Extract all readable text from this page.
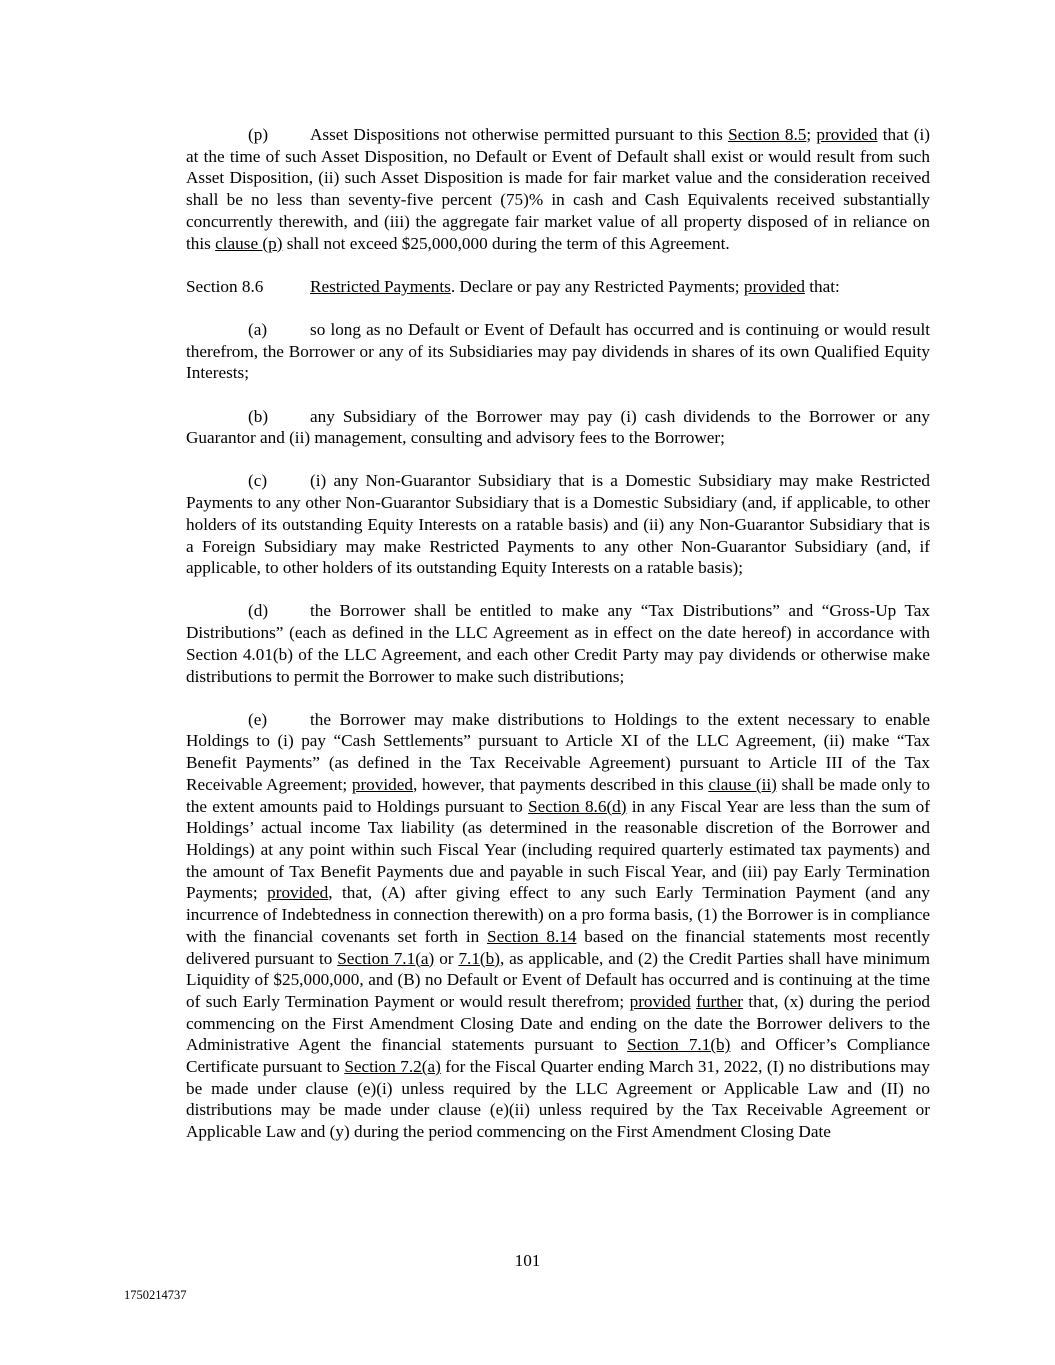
(p) Asset Dispositions not otherwise permitted pursuant to this Section 8.5; provided that (i) at the time of such Asset Disposition, no Default or Event of Default shall exist or would result from such Asset Disposition, (ii) such Asset Disposition is made for fair market value and the consideration received shall be no less than seventy-five percent (75)% in cash and Cash Equivalents received substantially concurrently therewith, and (iii) the aggregate fair market value of all property disposed of in reliance on this clause (p) shall not exceed $25,000,000 during the term of this Agreement.

Section 8.6	Restricted Payments. Declare or pay any Restricted Payments; provided that:

(a) so long as no Default or Event of Default has occurred and is continuing or would result therefrom, the Borrower or any of its Subsidiaries may pay dividends in shares of its own Qualified Equity Interests;

(b) any Subsidiary of the Borrower may pay (i) cash dividends to the Borrower or any Guarantor and (ii) management, consulting and advisory fees to the Borrower;

(c) (i) any Non-Guarantor Subsidiary that is a Domestic Subsidiary may make Restricted Payments to any other Non-Guarantor Subsidiary that is a Domestic Subsidiary (and, if applicable, to other holders of its outstanding Equity Interests on a ratable basis) and (ii) any Non-Guarantor Subsidiary that is a Foreign Subsidiary may make Restricted Payments to any other Non-Guarantor Subsidiary (and, if applicable, to other holders of its outstanding Equity Interests on a ratable basis);

(d) the Borrower shall be entitled to make any “Tax Distributions” and “Gross-Up Tax Distributions” (each as defined in the LLC Agreement as in effect on the date hereof) in accordance with Section 4.01(b) of the LLC Agreement, and each other Credit Party may pay dividends or otherwise make distributions to permit the Borrower to make such distributions;

(e) the Borrower may make distributions to Holdings to the extent necessary to enable Holdings to (i) pay “Cash Settlements” pursuant to Article XI of the LLC Agreement, (ii) make “Tax Benefit Payments” (as defined in the Tax Receivable Agreement) pursuant to Article III of the Tax Receivable Agreement; provided, however, that payments described in this clause (ii) shall be made only to the extent amounts paid to Holdings pursuant to Section 8.6(d) in any Fiscal Year are less than the sum of Holdings’ actual income Tax liability (as determined in the reasonable discretion of the Borrower and Holdings) at any point within such Fiscal Year (including required quarterly estimated tax payments) and the amount of Tax Benefit Payments due and payable in such Fiscal Year, and (iii) pay Early Termination Payments; provided, that, (A) after giving effect to any such Early Termination Payment (and any incurrence of Indebtedness in connection therewith) on a pro forma basis, (1) the Borrower is in compliance with the financial covenants set forth in Section 8.14 based on the financial statements most recently delivered pursuant to Section 7.1(a) or 7.1(b), as applicable, and (2) the Credit Parties shall have minimum Liquidity of $25,000,000, and (B) no Default or Event of Default has occurred and is continuing at the time of such Early Termination Payment or would result therefrom; provided further that, (x) during the period commencing on the First Amendment Closing Date and ending on the date the Borrower delivers to the Administrative Agent the financial statements pursuant to Section 7.1(b) and Officer’s Compliance Certificate pursuant to Section 7.2(a) for the Fiscal Quarter ending March 31, 2022, (I) no distributions may be made under clause (e)(i) unless required by the LLC Agreement or Applicable Law and (II) no distributions may be made under clause (e)(ii) unless required by the Tax Receivable Agreement or Applicable Law and (y) during the period commencing on the First Amendment Closing Date

101
1750214737
